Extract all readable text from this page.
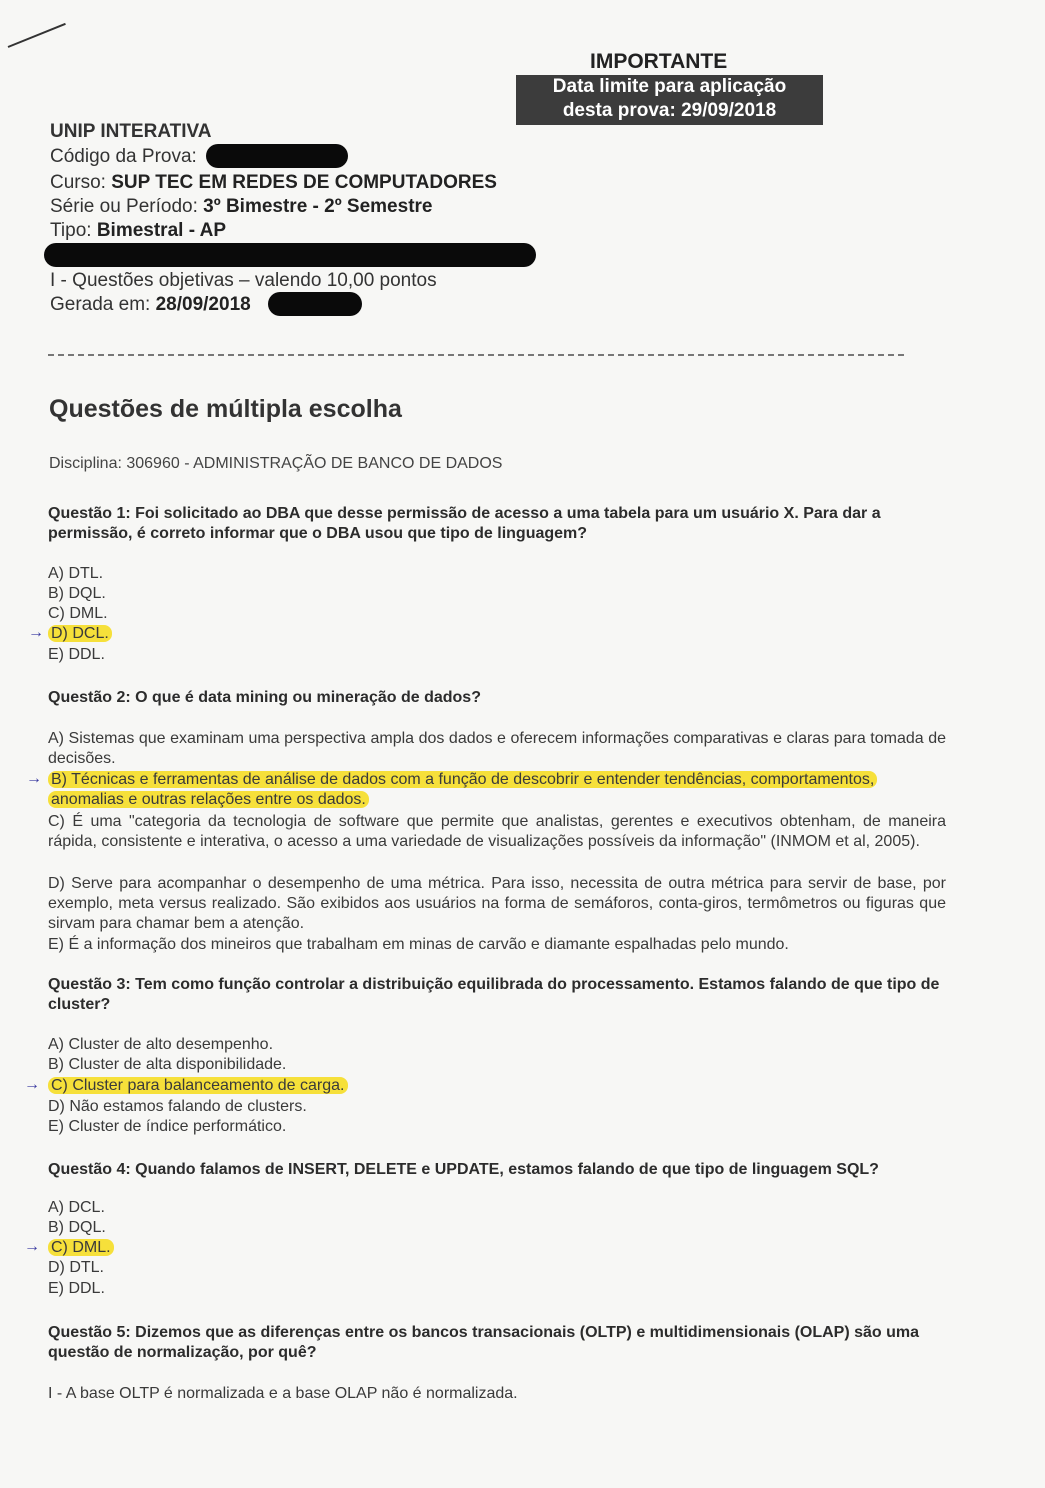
IMPORTANTE
Data limite para aplicação
desta prova: 29/09/2018
UNIP INTERATIVA
Código da Prova:
Curso: SUP TEC EM REDES DE COMPUTADORES
Série ou Período: 3º Bimestre - 2º Semestre
Tipo: Bimestral - AP
I - Questões objetivas – valendo 10,00 pontos
Gerada em: 28/09/2018
Questões de múltipla escolha
Disciplina: 306960 - ADMINISTRAÇÃO DE BANCO DE DADOS
Questão 1: Foi solicitado ao DBA que desse permissão de acesso a uma tabela para um usuário X. Para dar a permissão, é correto informar que o DBA usou que tipo de linguagem?
A) DTL.
B) DQL.
C) DML.
→ D) DCL.
E) DDL.
Questão 2: O que é data mining ou mineração de dados?
A) Sistemas que examinam uma perspectiva ampla dos dados e oferecem informações comparativas e claras para tomada de decisões.
→ B) Técnicas e ferramentas de análise de dados com a função de descobrir e entender tendências, comportamentos,
anomalias e outras relações entre os dados.
C) É uma "categoria da tecnologia de software que permite que analistas, gerentes e executivos obtenham, de maneira rápida, consistente e interativa, o acesso a uma variedade de visualizações possíveis da informação" (INMOM et al, 2005).
D) Serve para acompanhar o desempenho de uma métrica. Para isso, necessita de outra métrica para servir de base, por exemplo, meta versus realizado. São exibidos aos usuários na forma de semáforos, conta-giros, termômetros ou figuras que sirvam para chamar bem a atenção.
E) É a informação dos mineiros que trabalham em minas de carvão e diamante espalhadas pelo mundo.
Questão 3: Tem como função controlar a distribuição equilibrada do processamento. Estamos falando de que tipo de cluster?
A) Cluster de alto desempenho.
B) Cluster de alta disponibilidade.
→ C) Cluster para balanceamento de carga.
D) Não estamos falando de clusters.
E) Cluster de índice performático.
Questão 4: Quando falamos de INSERT, DELETE e UPDATE, estamos falando de que tipo de linguagem SQL?
A) DCL.
B) DQL.
→ C) DML.
D) DTL.
E) DDL.
Questão 5: Dizemos que as diferenças entre os bancos transacionais (OLTP) e multidimensionais (OLAP) são uma questão de normalização, por quê?
I - A base OLTP é normalizada e a base OLAP não é normalizada.
